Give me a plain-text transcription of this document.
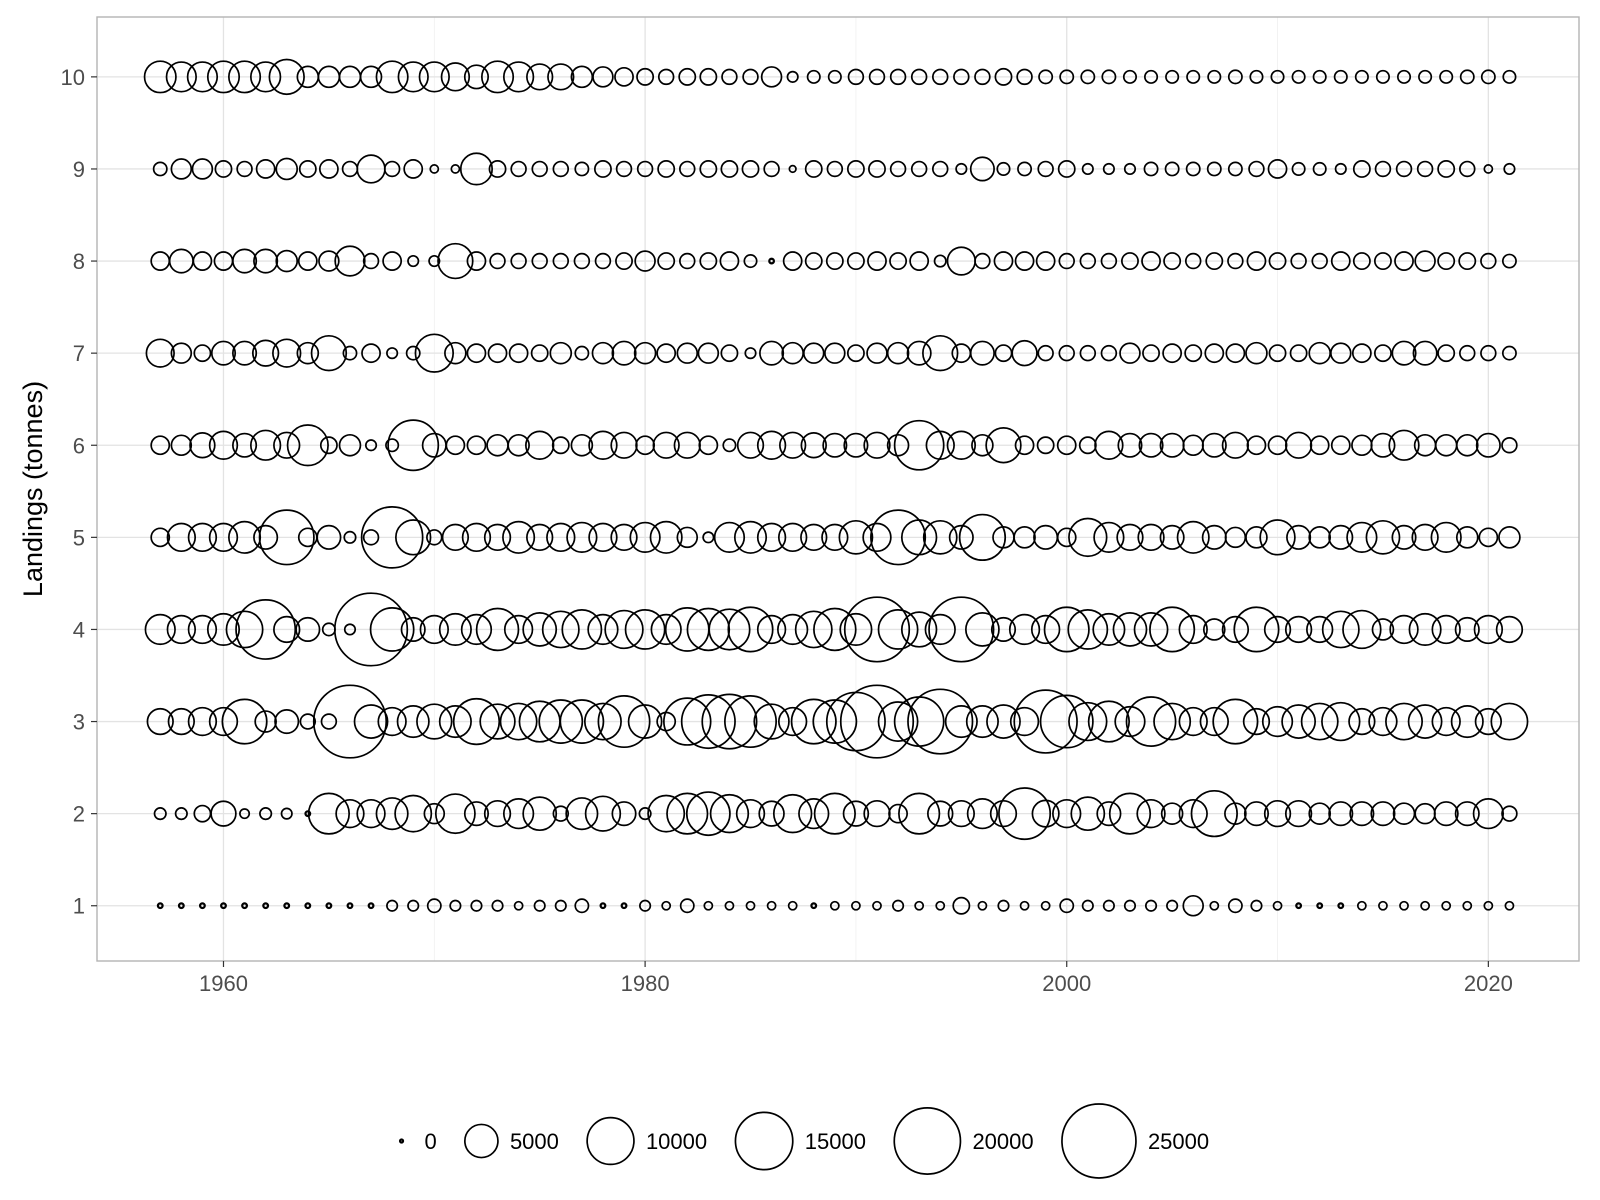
1960	1980	2000	2020
1
2
3
4
5
6
7
8
9
10
Landings (tonnes)
0	5000	10000	15000	20000	25000
